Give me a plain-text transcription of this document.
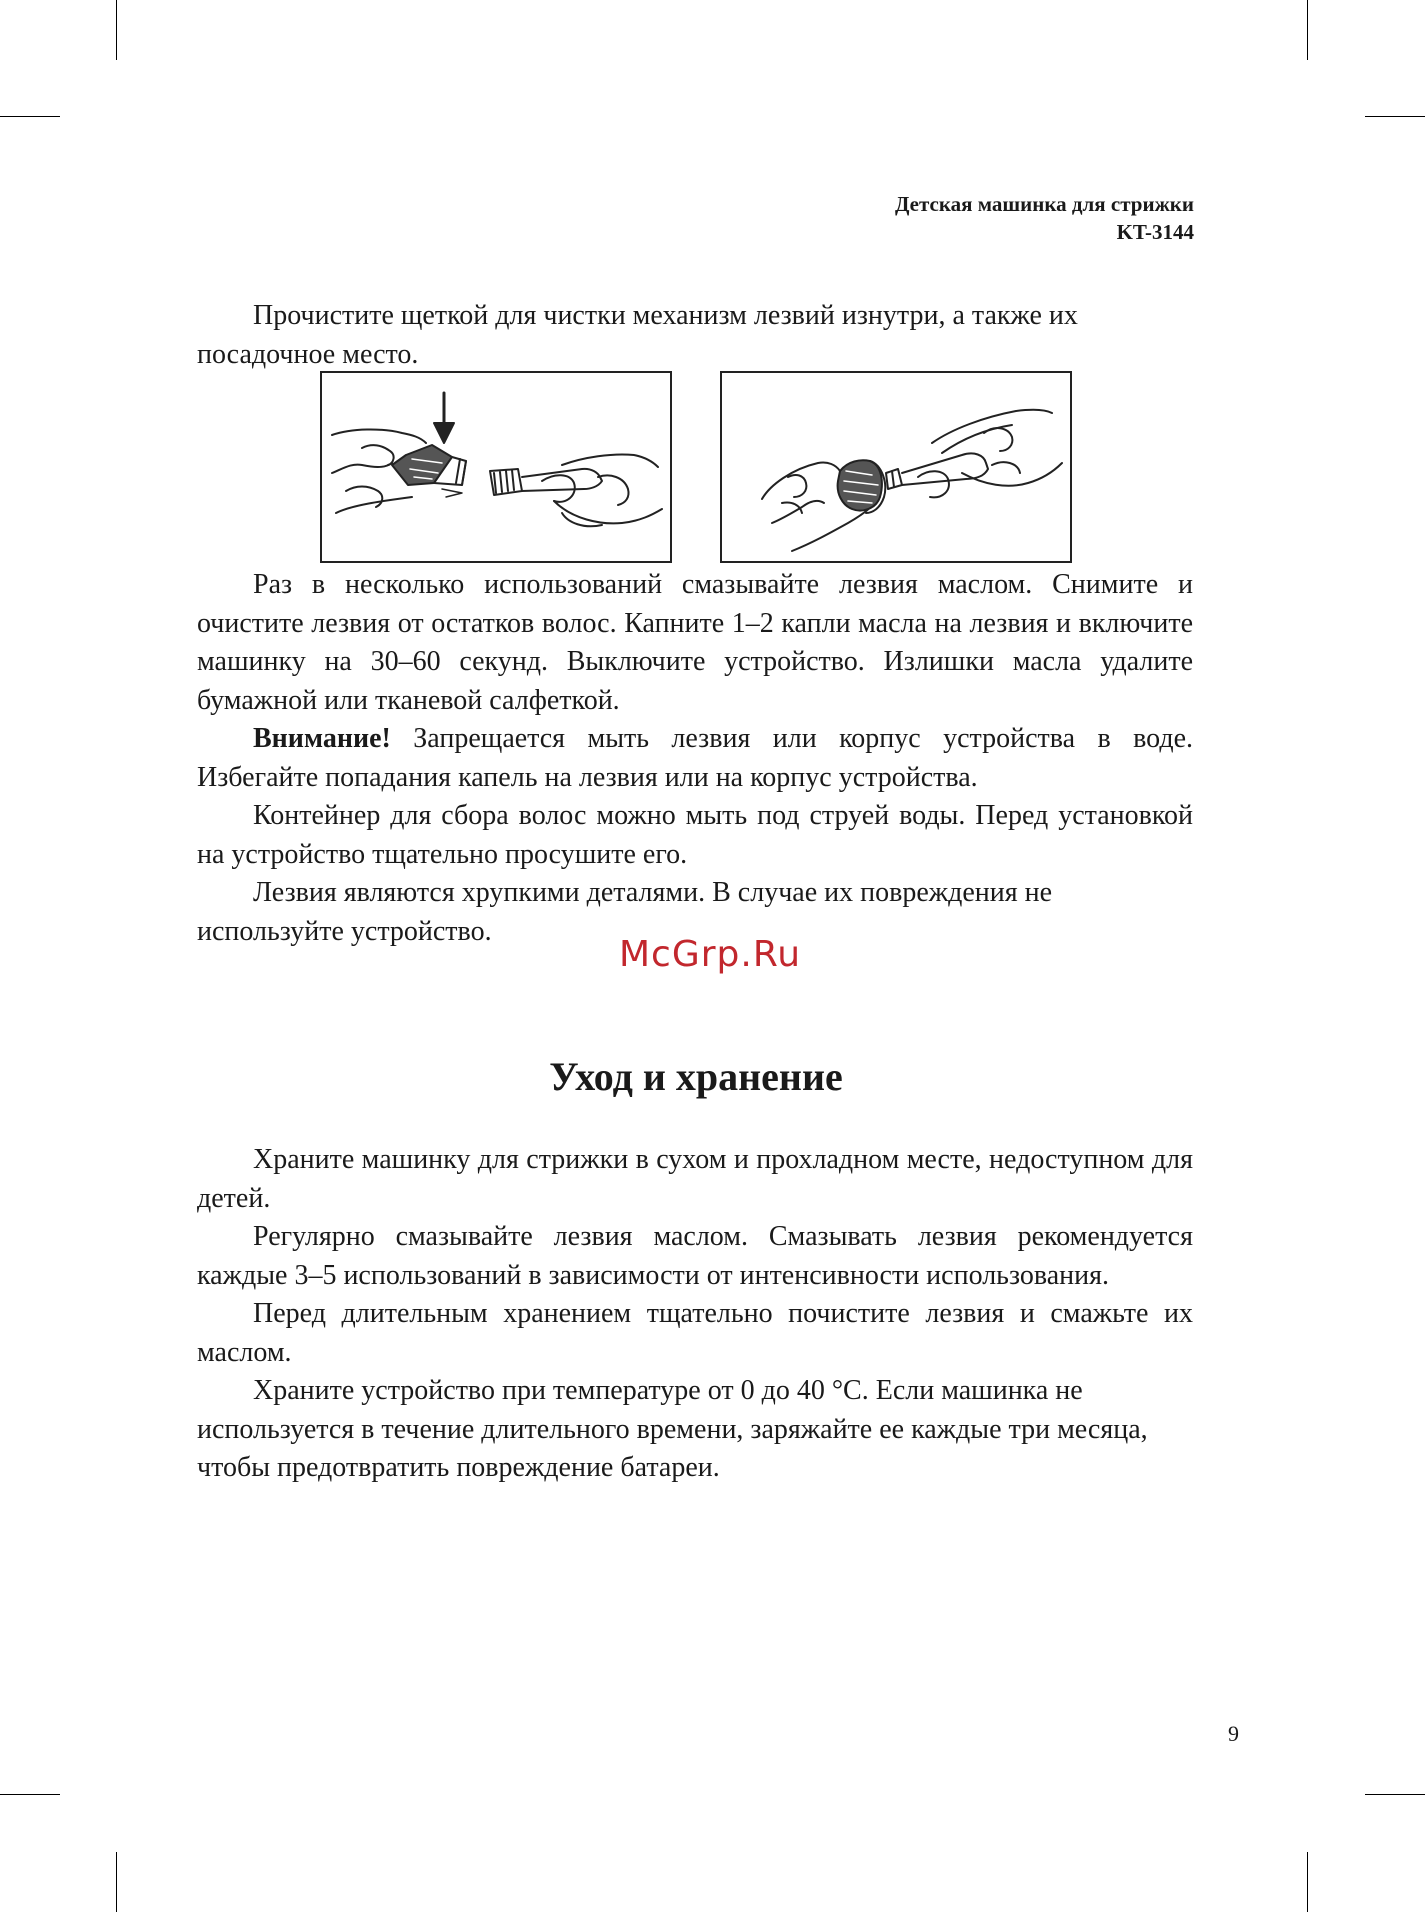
Детская машинка для стрижки
KT-3144

Прочистите щеткой для чистки механизм лезвий изнутри, а также их посадочное место.

Раз в несколько использований смазывайте лезвия маслом. Снимите и очистите лезвия от остатков волос. Капните 1–2 капли масла на лезвия и включите машинку на 30–60 секунд. Выключите устройство. Излишки масла удалите бумажной или тканевой салфеткой.

Внимание! Запрещается мыть лезвия или корпус устройства в воде. Избегайте попадания капель на лезвия или на корпус устройства.

Контейнер для сбора волос можно мыть под струей воды. Перед установкой на устройство тщательно просушите его.

Лезвия являются хрупкими деталями. В случае их повреждения не используйте устройство.

McGrp.Ru
Уход и хранение

Храните машинку для стрижки в сухом и прохладном месте, недоступном для детей.

Регулярно смазывайте лезвия маслом. Смазывать лезвия рекомендуется каждые 3–5 использований в зависимости от интенсивности использования.

Перед длительным хранением тщательно почистите лезвия и смажьте их маслом.

Храните устройство при температуре от 0 до 40 °С. Если машинка не используется в течение длительного времени, заряжайте ее каждые три месяца, чтобы предотвратить повреждение батареи.

9
